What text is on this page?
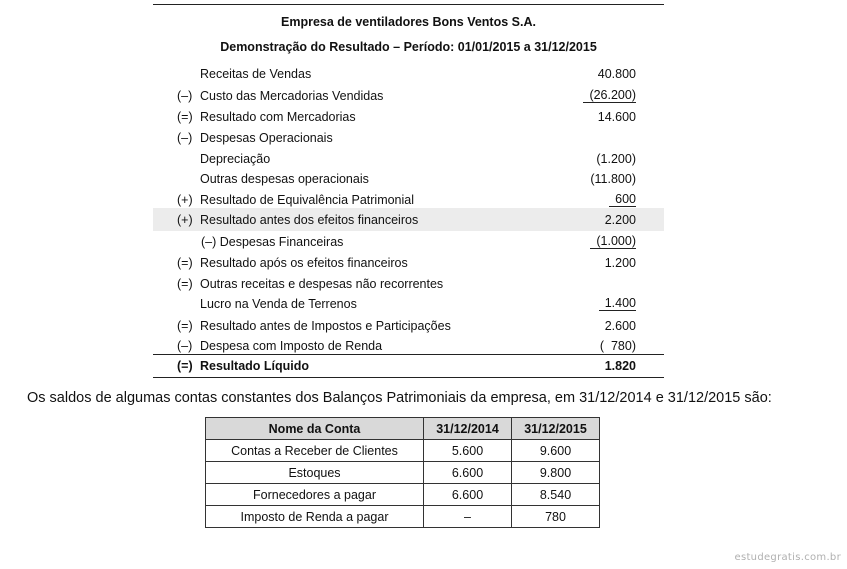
Empresa de ventiladores Bons Ventos S.A.
Demonstração do Resultado – Período: 01/01/2015 a 31/12/2015
Receitas de Vendas	40.800
(–) Custo das Mercadorias Vendidas	(26.200)
(=) Resultado com Mercadorias	14.600
(–) Despesas Operacionais
Depreciação	(1.200)
Outras despesas operacionais	(11.800)
(+) Resultado de Equivalência Patrimonial	600
(+) Resultado antes dos efeitos financeiros	2.200
(–) Despesas Financeiras	(1.000)
(=) Resultado após os efeitos financeiros	1.200
(=) Outras receitas e despesas não recorrentes
Lucro na Venda de Terrenos	1.400
(=) Resultado antes de Impostos e Participações	2.600
(–) Despesa com Imposto de Renda	(  780)
(=) Resultado Líquido	1.820
Os saldos de algumas contas constantes dos Balanços Patrimoniais da empresa, em 31/12/2014 e 31/12/2015 são:
Nome da Conta	31/12/2014	31/12/2015
Contas a Receber de Clientes	5.600	9.600
Estoques	6.600	9.800
Fornecedores a pagar	6.600	8.540
Imposto de Renda a pagar	–	780
estudegratis.com.br
